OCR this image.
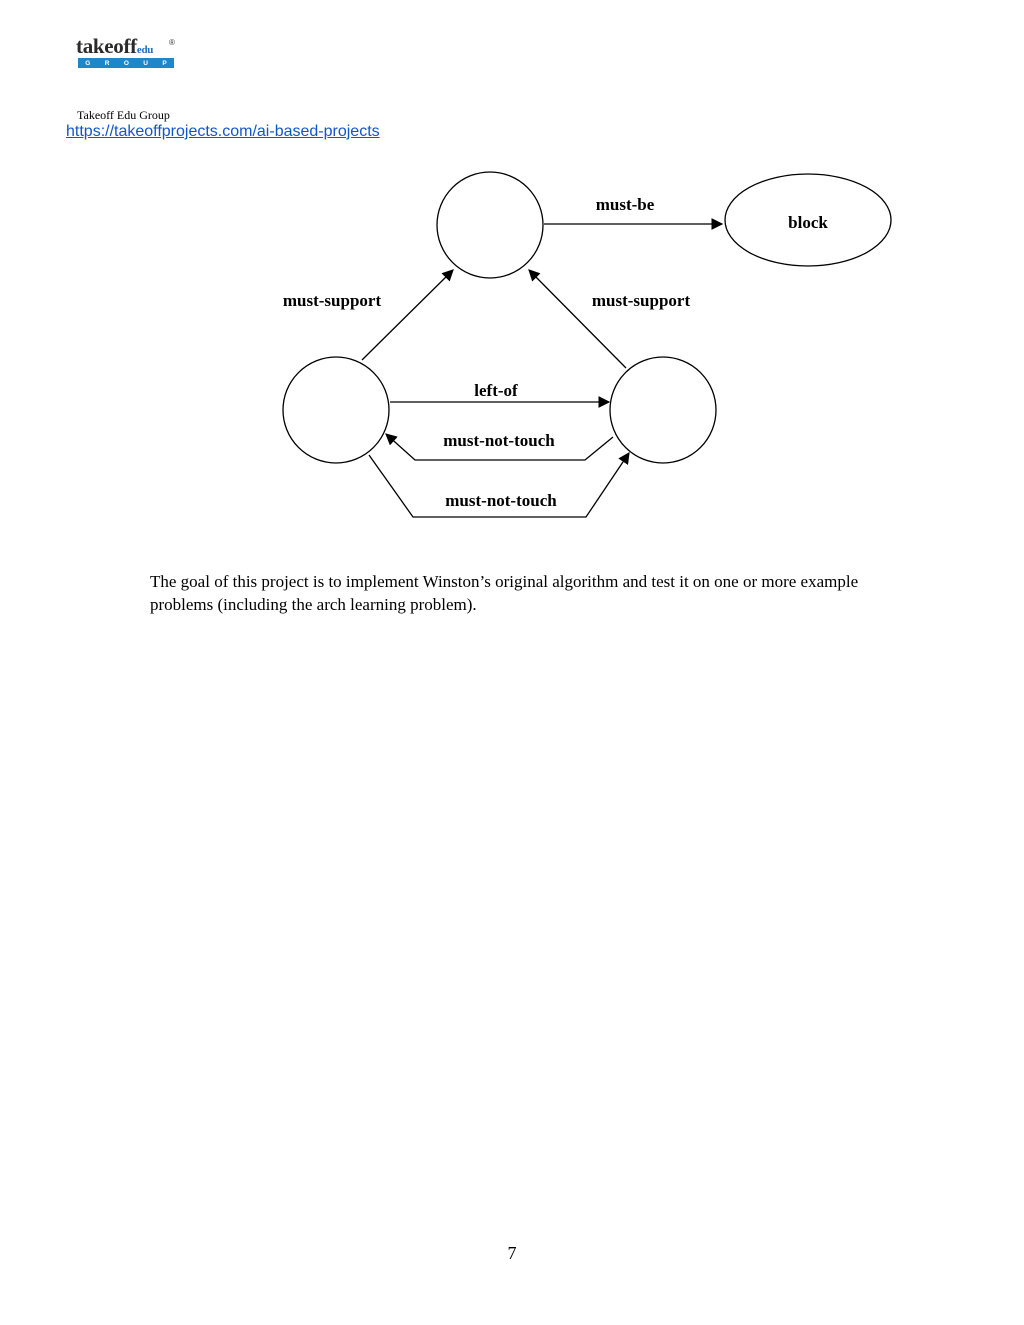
takeoffedu
®
G R O U P
Takeoff Edu Group
https://takeoffprojects.com/ai-based-projects
must-be
block
must-support	must-support
left-of
must-not-touch
must-not-touch

The goal of this project is to implement Winston’s original algorithm and test it on one or more example problems (including the arch learning problem).

7
